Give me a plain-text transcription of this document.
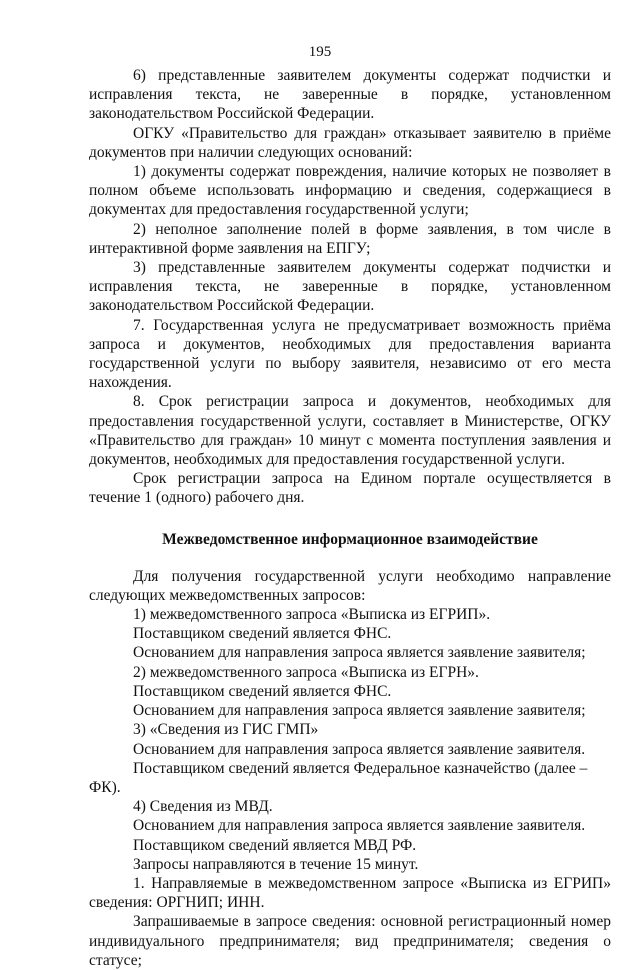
195

6) представленные заявителем документы содержат подчистки и исправления текста, не заверенные в порядке, установленном законодательством Российской Федерации.

ОГКУ «Правительство для граждан» отказывает заявителю в приёме документов при наличии следующих оснований:

1) документы содержат повреждения, наличие которых не позволяет в полном объеме использовать информацию и сведения, содержащиеся в документах для предоставления государственной услуги;

2) неполное заполнение полей в форме заявления, в том числе в интерактивной форме заявления на ЕПГУ;

3) представленные заявителем документы содержат подчистки и исправления текста, не заверенные в порядке, установленном законодательством Российской Федерации.

7. Государственная услуга не предусматривает возможность приёма запроса и документов, необходимых для предоставления варианта государственной услуги по выбору заявителя, независимо от его места нахождения.

8. Срок регистрации запроса и документов, необходимых для предоставления государственной услуги, составляет в Министерстве, ОГКУ «Правительство для граждан» 10 минут с момента поступления заявления и документов, необходимых для предоставления государственной услуги.

Срок регистрации запроса на Едином портале осуществляется в течение 1 (одного) рабочего дня.

Межведомственное информационное взаимодействие

Для получения государственной услуги необходимо направление следующих межведомственных запросов:

1) межведомственного запроса «Выписка из ЕГРИП».

Поставщиком сведений является ФНС.

Основанием для направления запроса является заявление заявителя;

2) межведомственного запроса «Выписка из ЕГРН».

Поставщиком сведений является ФНС.

Основанием для направления запроса является заявление заявителя;

3) «Сведения из ГИС ГМП»

Основанием для направления запроса является заявление заявителя.

Поставщиком сведений является Федеральное казначейство (далее – ФК).

4) Сведения из МВД.

Основанием для направления запроса является заявление заявителя.

Поставщиком сведений является МВД РФ.

Запросы направляются в течение 15 минут.

1. Направляемые в межведомственном запросе «Выписка из ЕГРИП» сведения: ОРГНИП; ИНН.

Запрашиваемые в запросе сведения: основной регистрационный номер индивидуального предпринимателя; вид предпринимателя; сведения о статусе;
